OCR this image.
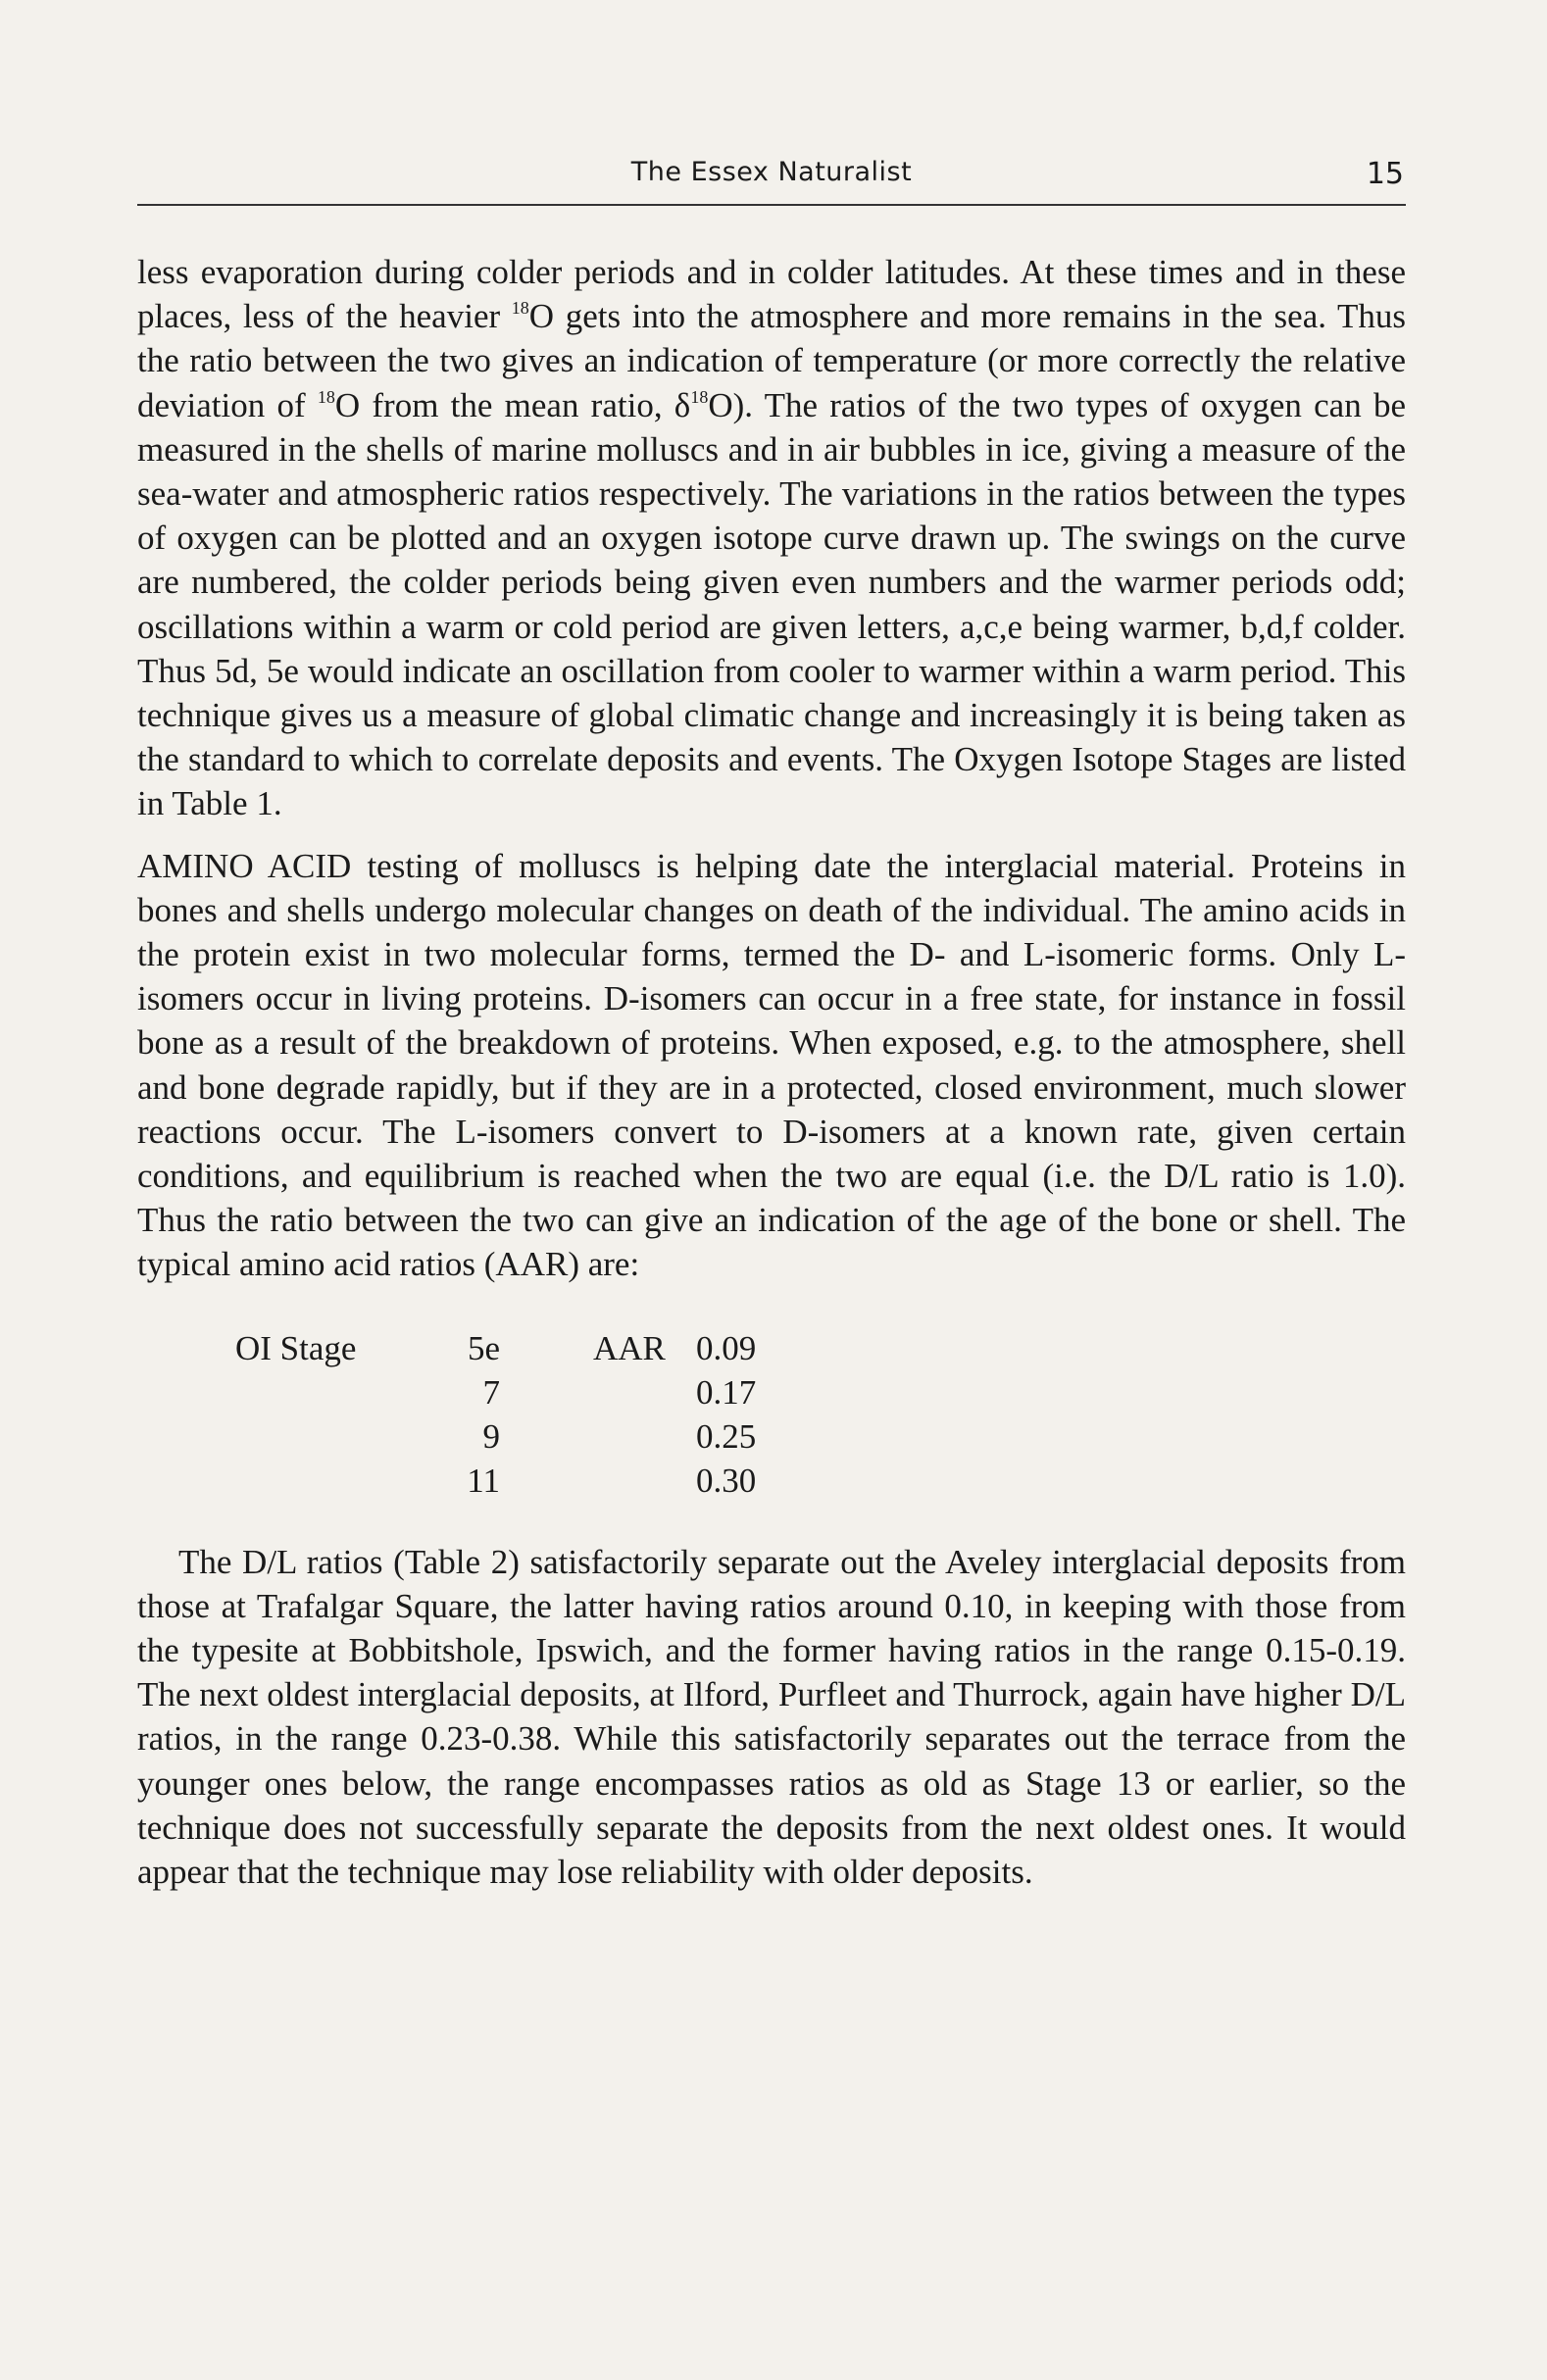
The Essex Naturalist	15

less evaporation during colder periods and in colder latitudes. At these times and in these places, less of the heavier $^{18}$O gets into the atmosphere and more remains in the sea. Thus the ratio between the two gives an indication of temperature (or more correctly the relative deviation of $^{18}$O from the mean ratio, $\delta^{18}O$). The ratios of the two types of oxygen can be measured in the shells of marine molluscs and in air bubbles in ice, giving a measure of the sea-water and atmospheric ratios respectively. The variations in the ratios between the types of oxygen can be plotted and an oxygen isotope curve drawn up. The swings on the curve are numbered, the colder periods being given even numbers and the warmer periods odd; oscillations within a warm or cold period are given letters, a,c,e being warmer, b,d,f colder. Thus 5d, 5e would indicate an oscillation from cooler to warmer within a warm period. This technique gives us a measure of global climatic change and increasingly it is being taken as the standard to which to correlate deposits and events. The Oxygen Isotope Stages are listed in Table 1.

AMINO ACID testing of molluscs is helping date the interglacial material. Proteins in bones and shells undergo molecular changes on death of the individual. The amino acids in the protein exist in two molecular forms, termed the D- and L-isomeric forms. Only L-isomers occur in living proteins. D-isomers can occur in a free state, for instance in fossil bone as a result of the breakdown of proteins. When exposed, e.g. to the atmosphere, shell and bone degrade rapidly, but if they are in a protected, closed environment, much slower reactions occur. The L-isomers convert to D-isomers at a known rate, given certain conditions, and equilibrium is reached when the two are equal (i.e. the D/L ratio is 1.0). Thus the ratio between the two can give an indication of the age of the bone or shell. The typical amino acid ratios (AAR) are:

OI Stage	5e		AAR	0.09
	7			0.17
	9			0.25
	11			0.30

The D/L ratios (Table 2) satisfactorily separate out the Aveley interglacial deposits from those at Trafalgar Square, the latter having ratios around 0.10, in keeping with those from the typesite at Bobbitshole, Ipswich, and the former having ratios in the range 0.15-0.19. The next oldest interglacial deposits, at Ilford, Purfleet and Thurrock, again have higher D/L ratios, in the range 0.23-0.38. While this satisfactorily separates out the terrace from the younger ones below, the range encompasses ratios as old as Stage 13 or earlier, so the technique does not successfully separate the deposits from the next oldest ones. It would appear that the technique may lose reliability with older deposits.
